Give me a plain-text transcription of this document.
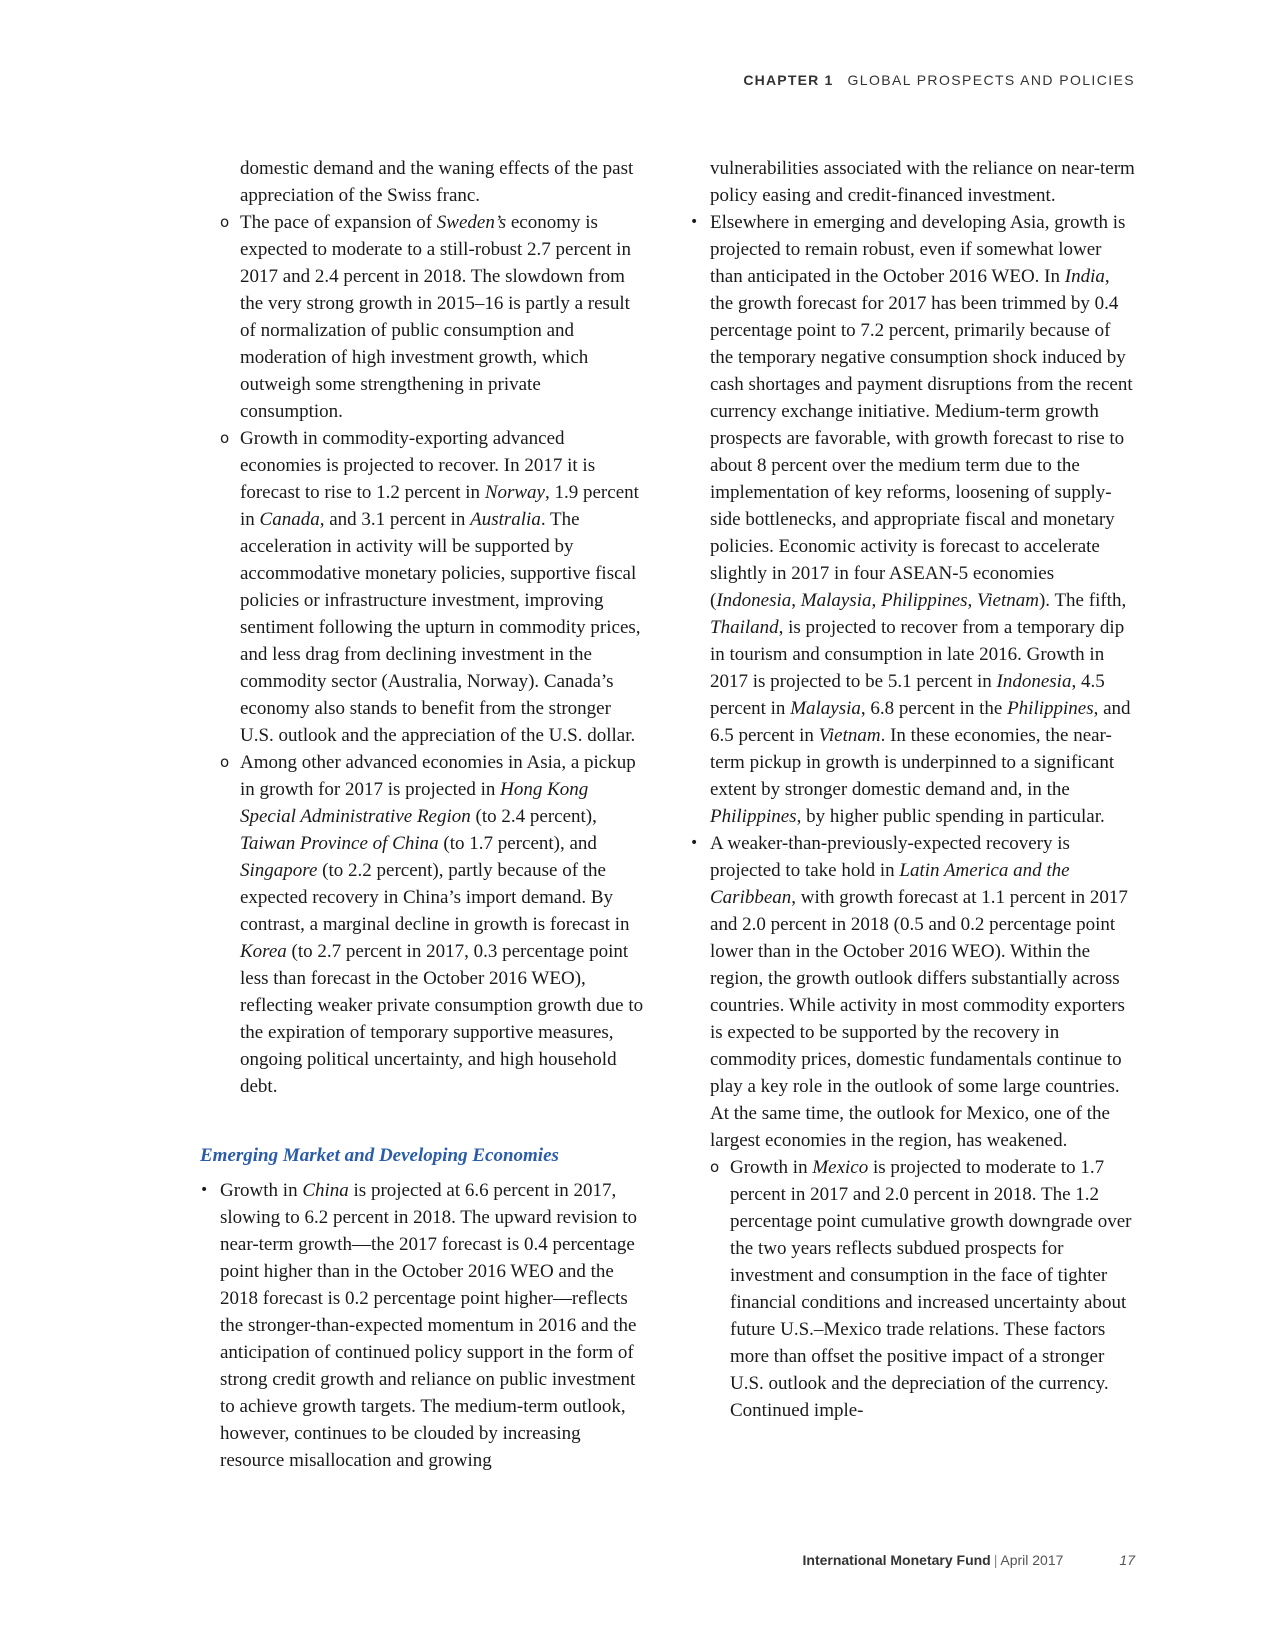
CHAPTER 1 GLOBAL PROSPECTS AND POLICIES

domestic demand and the waning effects of the past appreciation of the Swiss franc.

o The pace of expansion of Sweden’s economy is expected to moderate to a still-robust 2.7 percent in 2017 and 2.4 percent in 2018. The slowdown from the very strong growth in 2015–16 is partly a result of normalization of public consumption and moderation of high investment growth, which outweigh some strengthening in private consumption.

o Growth in commodity-exporting advanced economies is projected to recover. In 2017 it is forecast to rise to 1.2 percent in Norway, 1.9 percent in Canada, and 3.1 percent in Australia. The acceleration in activity will be supported by accommodative monetary policies, supportive fiscal policies or infrastructure investment, improving sentiment following the upturn in commodity prices, and less drag from declining investment in the commodity sector (Australia, Norway). Canada’s economy also stands to benefit from the stronger U.S. outlook and the appreciation of the U.S. dollar.

o Among other advanced economies in Asia, a pickup in growth for 2017 is projected in Hong Kong Special Administrative Region (to 2.4 percent), Taiwan Province of China (to 1.7 percent), and Singapore (to 2.2 percent), partly because of the expected recovery in China’s import demand. By contrast, a marginal decline in growth is forecast in Korea (to 2.7 percent in 2017, 0.3 percentage point less than forecast in the October 2016 WEO), reflecting weaker private consumption growth due to the expiration of temporary supportive measures, ongoing political uncertainty, and high household debt.

Emerging Market and Developing Economies

• Growth in China is projected at 6.6 percent in 2017, slowing to 6.2 percent in 2018. The upward revision to near-term growth—the 2017 forecast is 0.4 percentage point higher than in the October 2016 WEO and the 2018 forecast is 0.2 percentage point higher—reflects the stronger-than-expected momentum in 2016 and the anticipation of continued policy support in the form of strong credit growth and reliance on public investment to achieve growth targets. The medium-term outlook, however, continues to be clouded by increasing resource misallocation and growing

vulnerabilities associated with the reliance on near-term policy easing and credit-financed investment.

• Elsewhere in emerging and developing Asia, growth is projected to remain robust, even if somewhat lower than anticipated in the October 2016 WEO. In India, the growth forecast for 2017 has been trimmed by 0.4 percentage point to 7.2 percent, primarily because of the temporary negative consumption shock induced by cash shortages and payment disruptions from the recent currency exchange initiative. Medium-term growth prospects are favorable, with growth forecast to rise to about 8 percent over the medium term due to the implementation of key reforms, loosening of supply-side bottlenecks, and appropriate fiscal and monetary policies. Economic activity is forecast to accelerate slightly in 2017 in four ASEAN-5 economies (Indonesia, Malaysia, Philippines, Vietnam). The fifth, Thailand, is projected to recover from a temporary dip in tourism and consumption in late 2016. Growth in 2017 is projected to be 5.1 percent in Indonesia, 4.5 percent in Malaysia, 6.8 percent in the Philippines, and 6.5 percent in Vietnam. In these economies, the near-term pickup in growth is underpinned to a significant extent by stronger domestic demand and, in the Philippines, by higher public spending in particular.

• A weaker-than-previously-expected recovery is projected to take hold in Latin America and the Caribbean, with growth forecast at 1.1 percent in 2017 and 2.0 percent in 2018 (0.5 and 0.2 percentage point lower than in the October 2016 WEO). Within the region, the growth outlook differs substantially across countries. While activity in most commodity exporters is expected to be supported by the recovery in commodity prices, domestic fundamentals continue to play a key role in the outlook of some large countries. At the same time, the outlook for Mexico, one of the largest economies in the region, has weakened.

o Growth in Mexico is projected to moderate to 1.7 percent in 2017 and 2.0 percent in 2018. The 1.2 percentage point cumulative growth downgrade over the two years reflects subdued prospects for investment and consumption in the face of tighter financial conditions and increased uncertainty about future U.S.–Mexico trade relations. These factors more than offset the positive impact of a stronger U.S. outlook and the depreciation of the currency. Continued imple-

International Monetary Fund | April 2017	17
